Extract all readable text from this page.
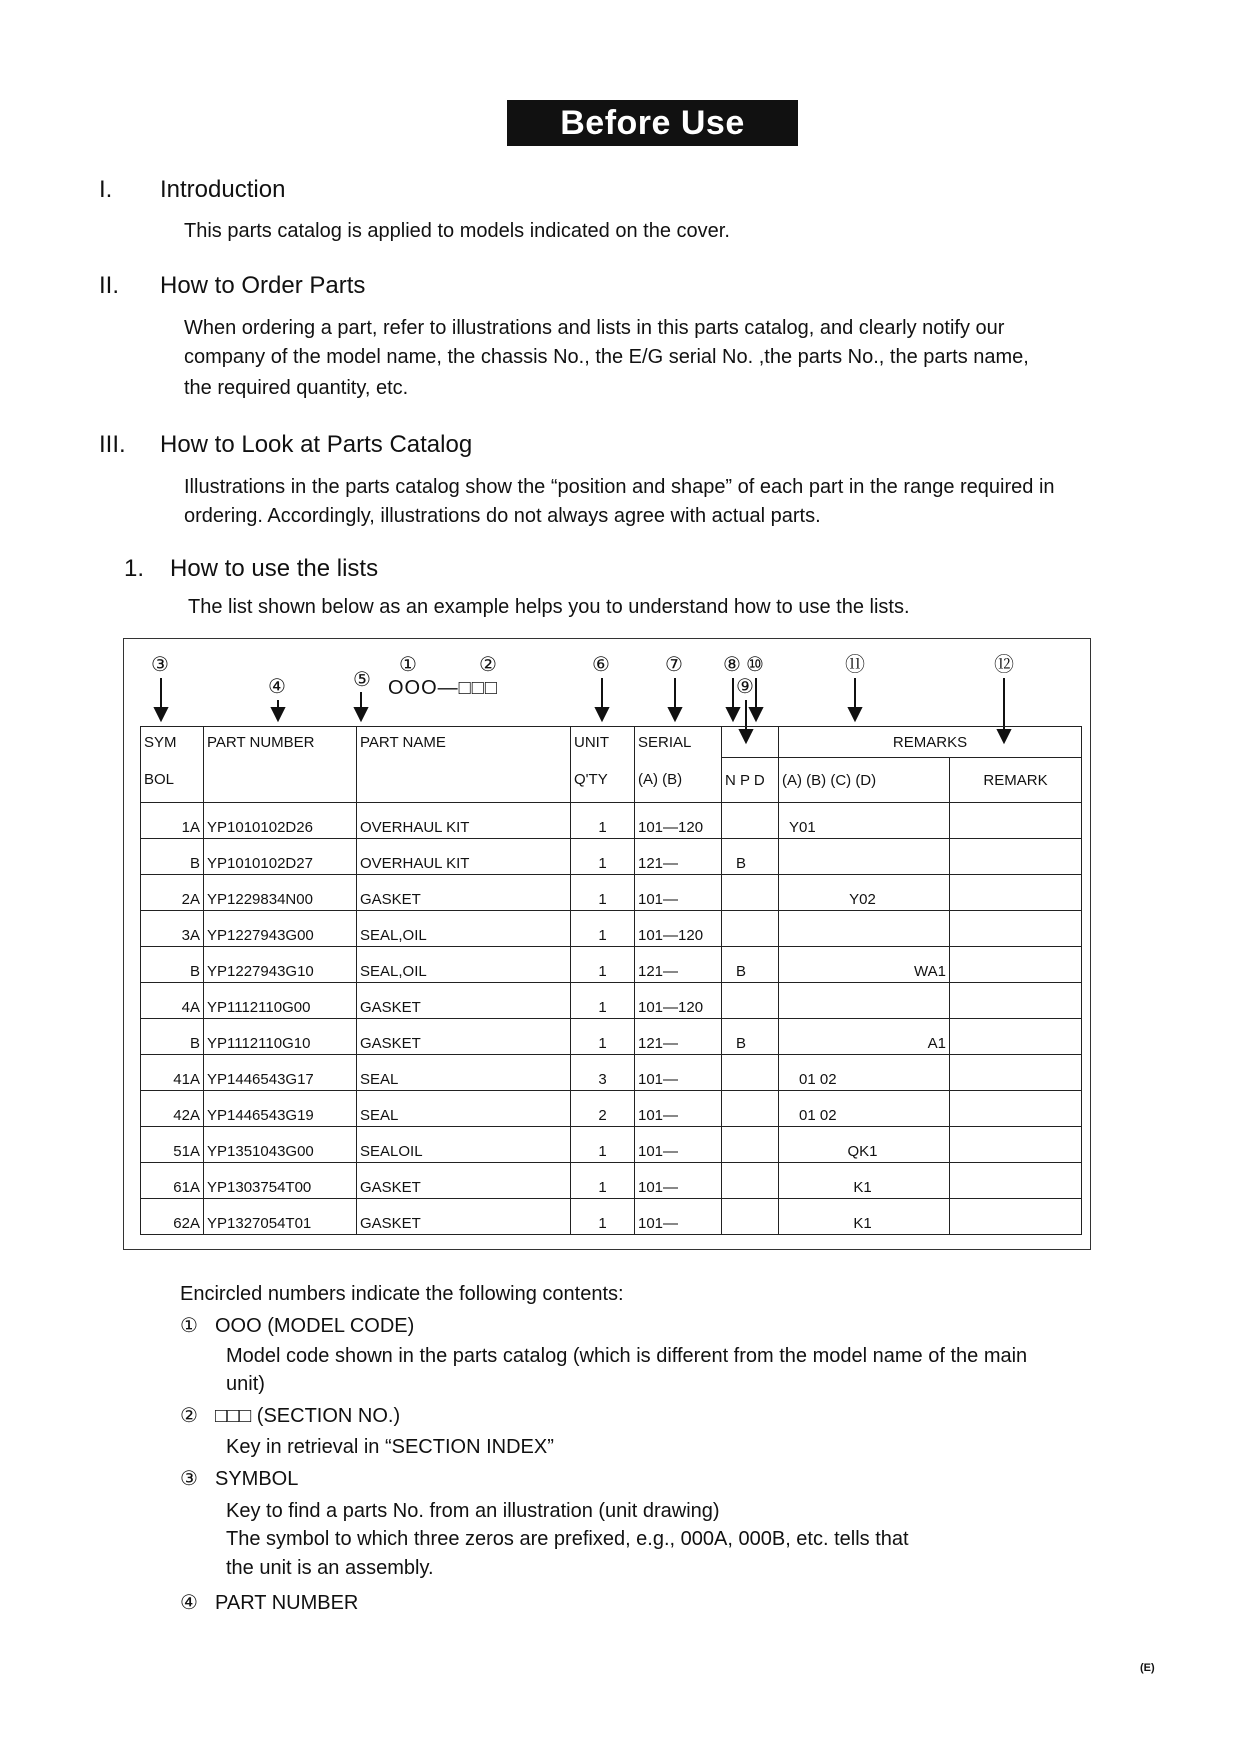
Before Use
I. Introduction
This parts catalog is applied to models indicated on the cover.
II. How to Order Parts
When ordering a part, refer to illustrations and lists in this parts catalog, and clearly notify our
company of the model name, the chassis No., the E/G serial No. ,the parts No., the parts name,
the required quantity, etc.
III. How to Look at Parts Catalog
Illustrations in the parts catalog show the “position and shape” of each part in the range required in
ordering. Accordingly, illustrations do not always agree with actual parts.
1. How to use the lists
The list shown below as an example helps you to understand how to use the lists.
③
④	⑤
①	②
OOO—□□□
⑥	⑦ ⑧ ⑩
⑨
⑪	⑫
SYM	PART NUMBER	PART NAME	UNIT	SERIAL		REMARKS	
BOL			Q'TY	(A) (B)	N P D	(A) (B) (C) (D)	REMARK
1A	YP1010102D26	OVERHAUL KIT	1	101—120		Y01	
B	YP1010102D27	OVERHAUL KIT	1	121—	B		
2A	YP1229834N00	GASKET	1	101—		Y02	
3A	YP1227943G00	SEAL,OIL	1	101—120			
B	YP1227943G10	SEAL,OIL	1	121—	B	WA1	
4A	YP1112110G00	GASKET	1	101—120			
B	YP1112110G10	GASKET	1	121—	B	A1	
41A	YP1446543G17	SEAL	3	101—		01 02	
42A	YP1446543G19	SEAL	2	101—		01 02	
51A	YP1351043G00	SEALOIL	1	101—		QK1	
61A	YP1303754T00	GASKET	1	101—		K1	
62A	YP1327054T01	GASKET	1	101—		K1	
Encircled numbers indicate the following contents:
① OOO (MODEL CODE)
Model code shown in the parts catalog (which is different from the model name of the main
unit)
② □□□ (SECTION NO.)
Key in retrieval in “SECTION INDEX”
③ SYMBOL
Key to find a parts No. from an illustration (unit drawing)
The symbol to which three zeros are prefixed, e.g., 000A, 000B, etc. tells that
the unit is an assembly.
④ PART NUMBER
(E)
